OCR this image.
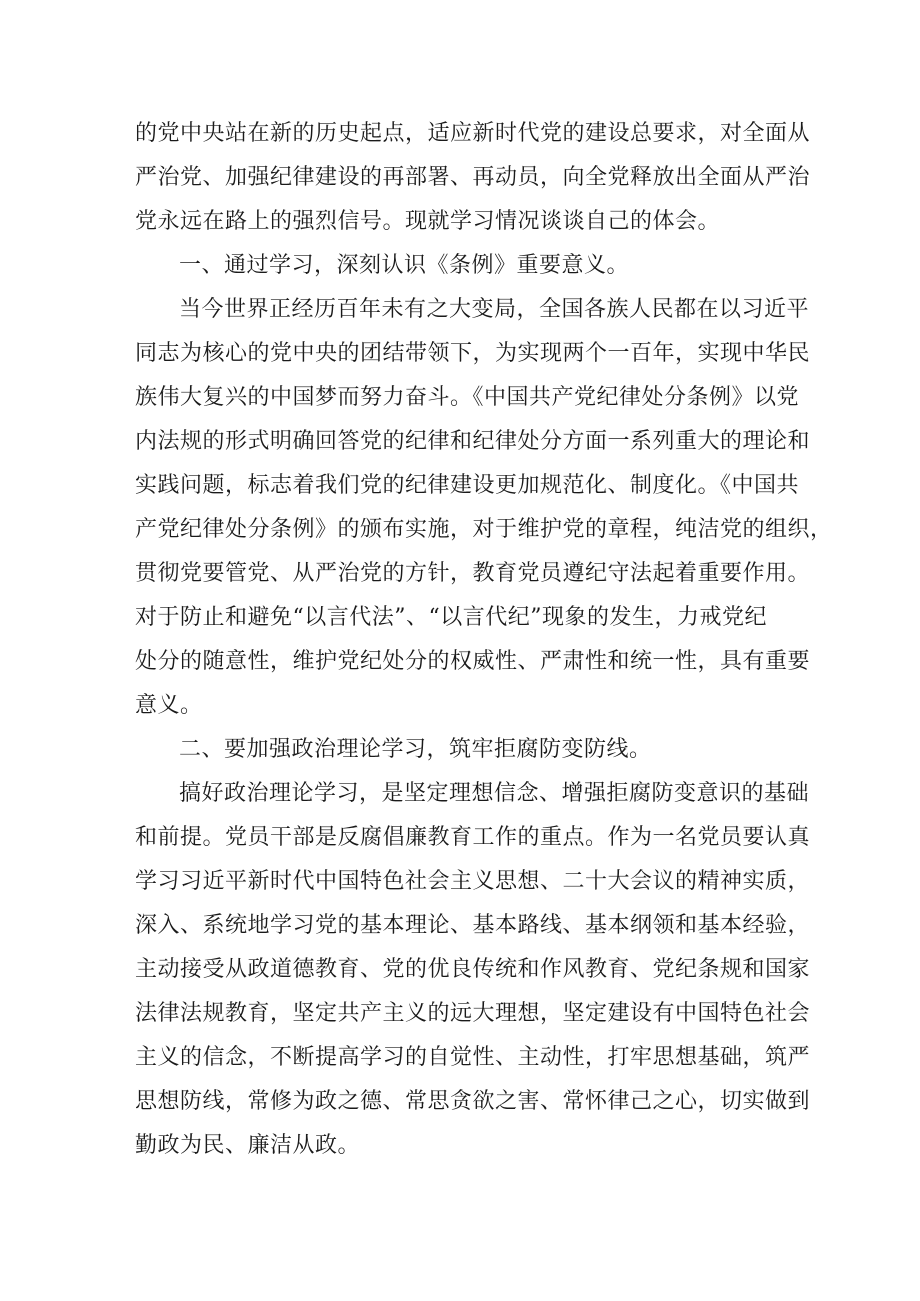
的党中央站在新的历史起点，适应新时代党的建设总要求，对全面从
严治党、加强纪律建设的再部署、再动员，向全党释放出全面从严治
党永远在路上的强烈信号。现就学习情况谈谈自己的体会。
一、通过学习，深刻认识《条例》重要意义。
当今世界正经历百年未有之大变局，全国各族人民都在以习近平
同志为核心的党中央的团结带领下，为实现两个一百年，实现中华民
族伟大复兴的中国梦而努力奋斗。《中国共产党纪律处分条例》以党
内法规的形式明确回答党的纪律和纪律处分方面一系列重大的理论和
实践问题，标志着我们党的纪律建设更加规范化、制度化。《中国共
产党纪律处分条例》的颁布实施，对于维护党的章程，纯洁党的组织，
贯彻党要管党、从严治党的方针，教育党员遵纪守法起着重要作用。
对于防止和避免“以言代法”、“以言代纪”现象的发生，力戒党纪
处分的随意性，维护党纪处分的权威性、严肃性和统一性，具有重要
意义。
二、要加强政治理论学习，筑牢拒腐防变防线。
搞好政治理论学习，是坚定理想信念、增强拒腐防变意识的基础
和前提。党员干部是反腐倡廉教育工作的重点。作为一名党员要认真
学习习近平新时代中国特色社会主义思想、二十大会议的精神实质，
深入、系统地学习党的基本理论、基本路线、基本纲领和基本经验，
主动接受从政道德教育、党的优良传统和作风教育、党纪条规和国家
法律法规教育，坚定共产主义的远大理想，坚定建设有中国特色社会
主义的信念，不断提高学习的自觉性、主动性，打牢思想基础，筑严
思想防线，常修为政之德、常思贪欲之害、常怀律己之心，切实做到
勤政为民、廉洁从政。
